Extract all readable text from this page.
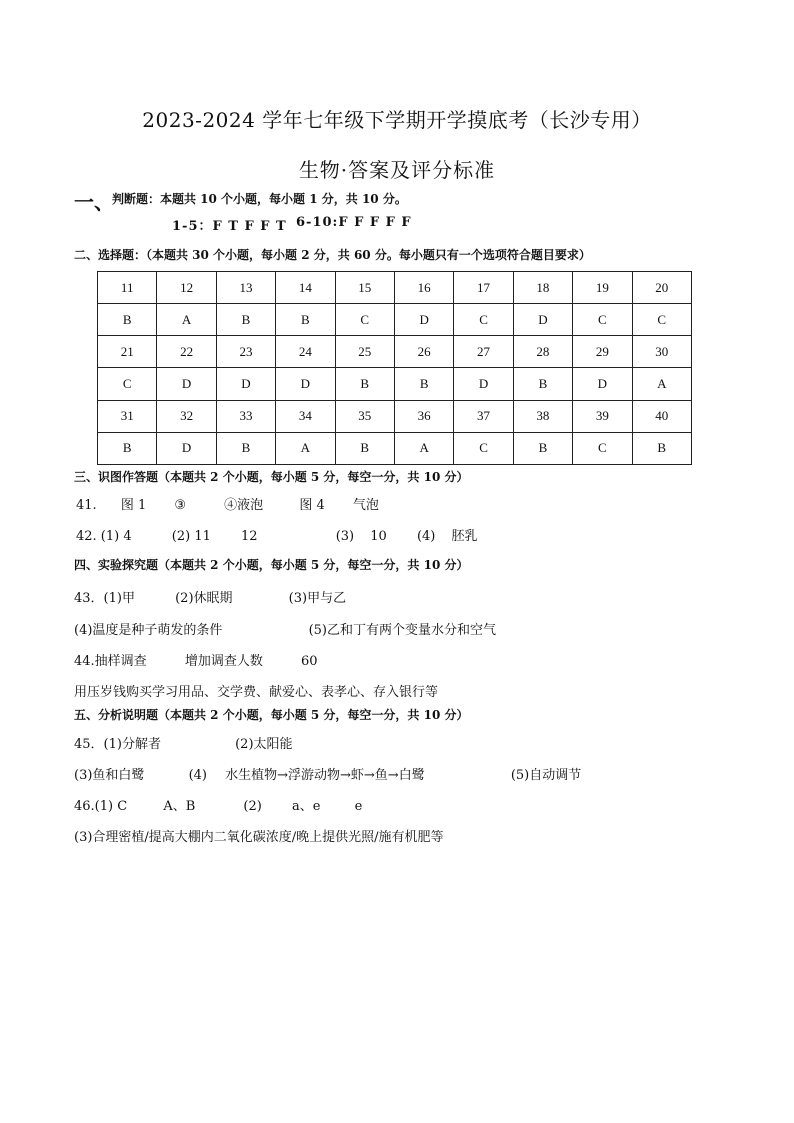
2023-2024 学年七年级下学期开学摸底考（长沙专用）
生物·答案及评分标准
一、
判断题：本题共 10 个小题，每小题 1 分，共 10 分。
1-5：F T F F T 6-10:F F F F F
二、选择题：（本题共 30 个小题，每小题 2 分，共 60 分。每小题只有一个选项符合题目要求）
11	12	13	14	15	16	17	18	19	20
B	A	B	B	C	D	C	D	C	C
21	22	23	24	25	26	27	28	29	30
C	D	D	D	B	B	D	B	D	A
31	32	33	34	35	36	37	38	39	40
B	D	B	A	B	A	C	B	C	B
三、识图作答题（本题共 2 个小题，每小题 5 分，每空一分，共 10 分）
41. 图 1 ③	④液泡	图 4 气泡
42. (1) 4	(2) 11 12	(3) 10 (4) 胚乳
四、实验探究题（本题共 2 个小题，每小题 5 分，每空一分，共 10 分）
43．(1)甲	(2)休眠期	(3)甲与乙
(4)温度是种子萌发的条件	(5)乙和丁有两个变量水分和空气
44.抽样调查	增加调查人数	60
用压岁钱购买学习用品、交学费、献爱心、表孝心、存入银行等
五、分析说明题（本题共 2 个小题，每小题 5 分，每空一分，共 10 分）
45．(1)分解者	(2)太阳能
(3)鱼和白鹭	(4) 水生植物→浮游动物→虾→鱼→白鹭	(5)自动调节
46.(1) C	A、B	(2) a、e	e
(3)合理密植/提高大棚内二氧化碳浓度/晚上提供光照/施有机肥等
